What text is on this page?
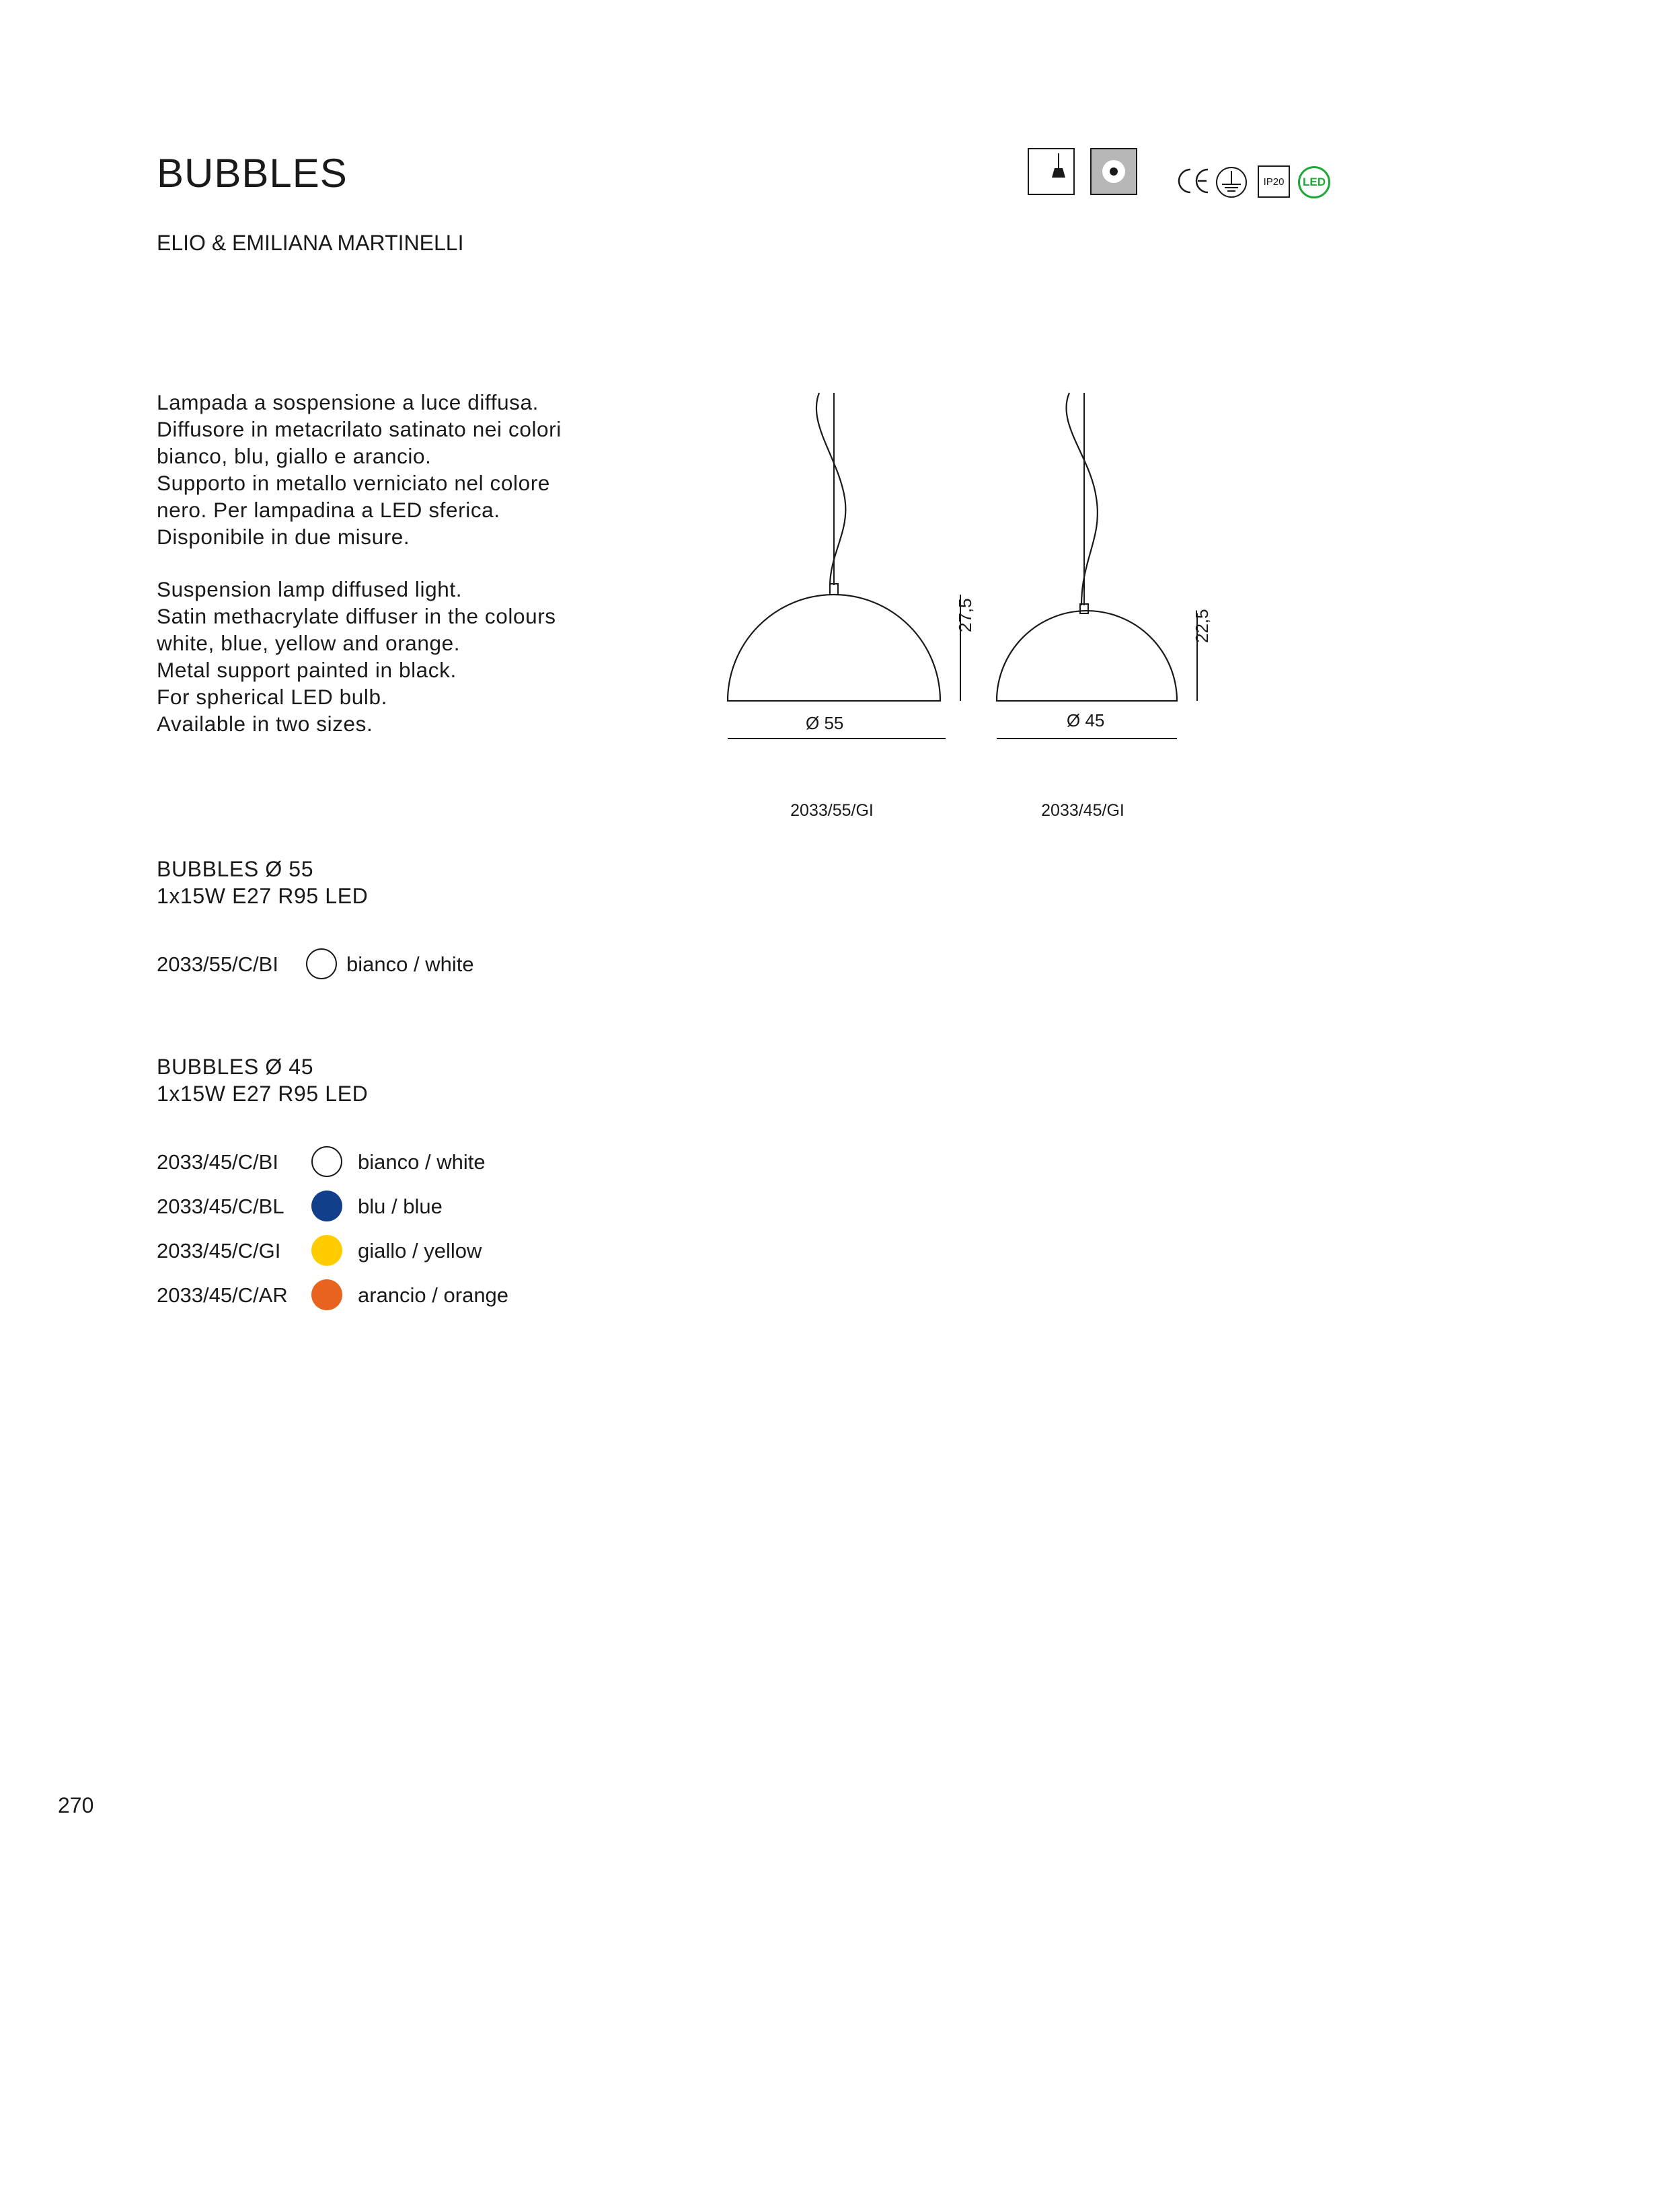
BUBBLES
ELIO & EMILIANA MARTINELLI
IP20 LED
Lampada a sospensione a luce diffusa.
Diffusore in metacrilato satinato nei colori
bianco, blu, giallo e arancio.
Supporto in metallo verniciato nel colore
nero. Per lampadina a LED sferica.
Disponibile in due misure.
Suspension lamp diffused light.
Satin methacrylate diffuser in the colours
white, blue, yellow and orange.
Metal support painted in black.
For spherical LED bulb.
Available in two sizes.	Ø 55	Ø 45
27,5	22,5
2033/55/GI	2033/45/GI
BUBBLES Ø 55
1x15W E27 R95 LED
2033/55/C/BI	bianco / white
BUBBLES Ø 45
1x15W E27 R95 LED
2033/45/C/BI	bianco / white
2033/45/C/BL	blu / blue
2033/45/C/GI	giallo / yellow
2033/45/C/AR	arancio / orange
270
